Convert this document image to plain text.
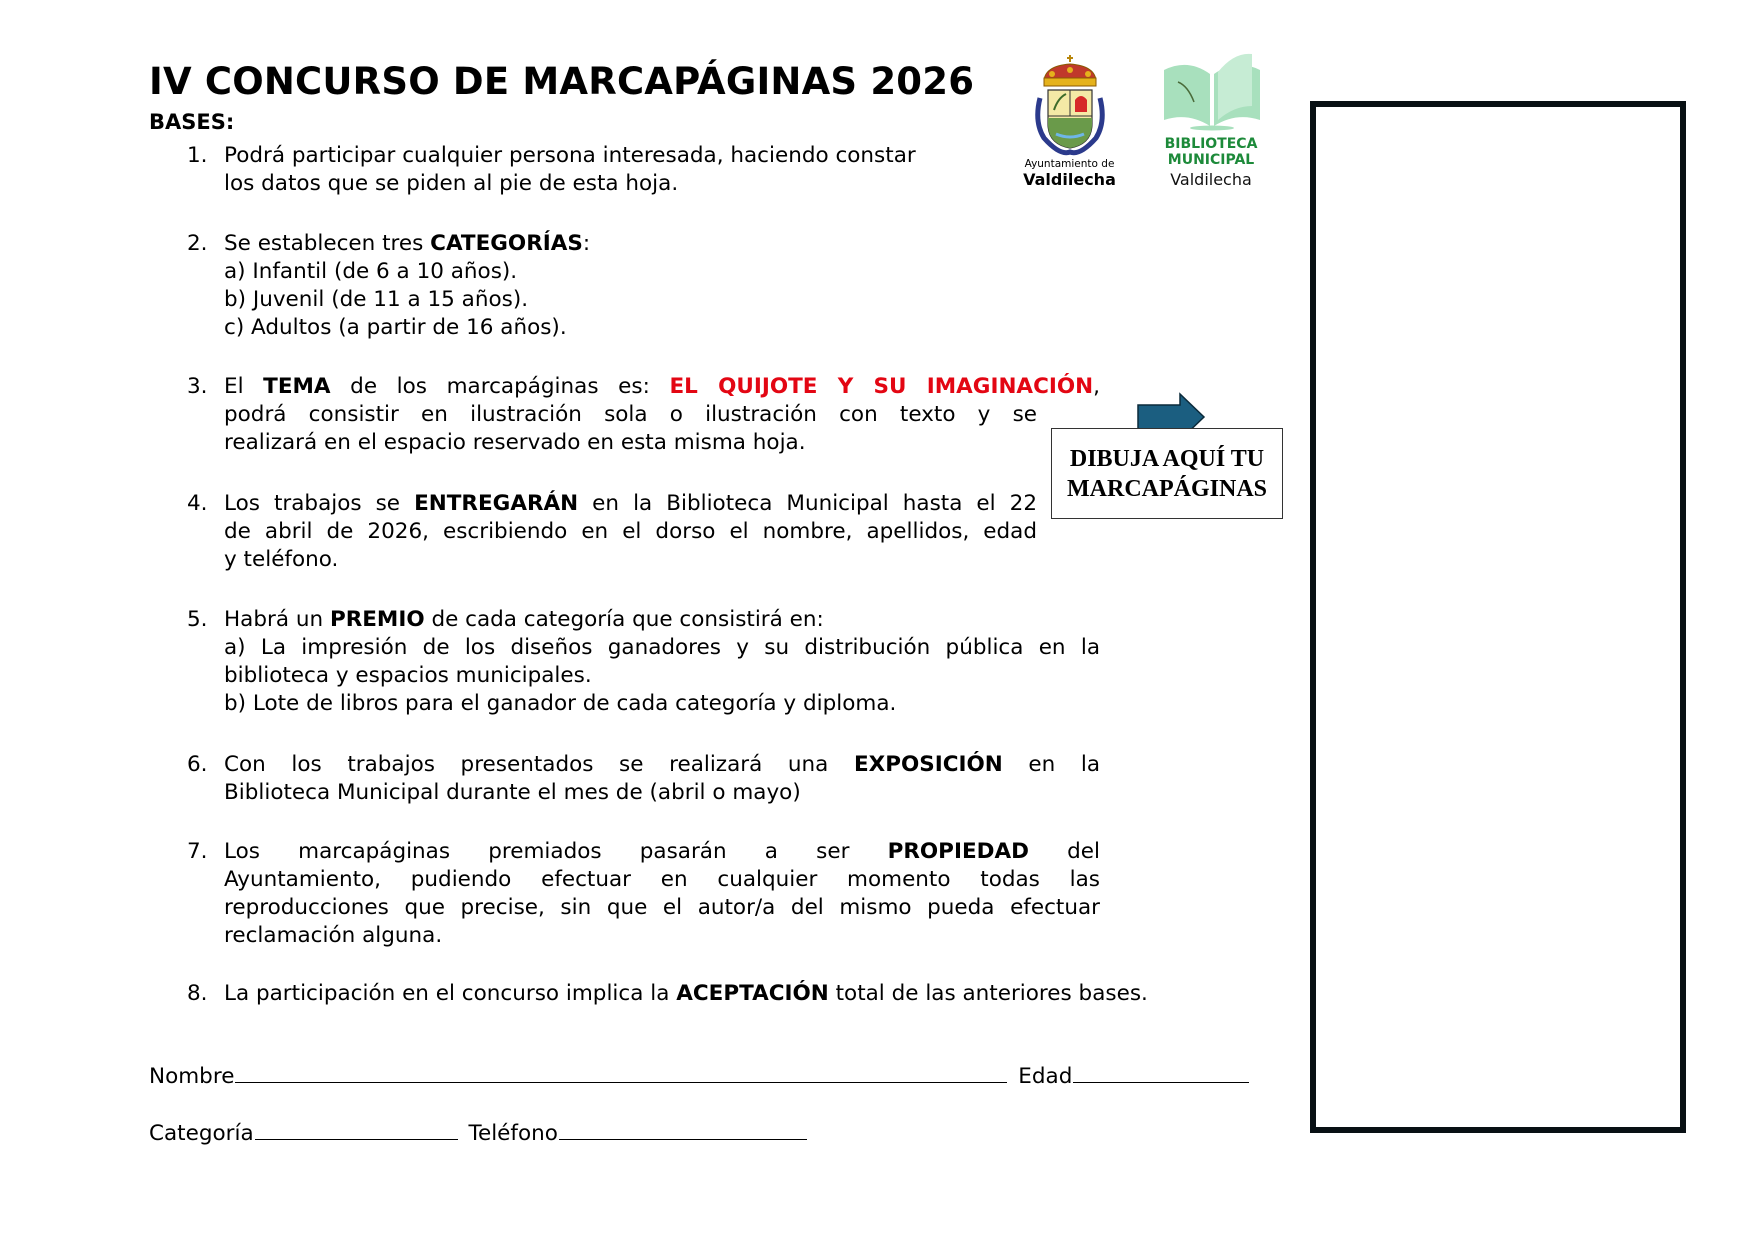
IV CONCURSO DE MARCAPÁGINAS 2026
BASES:
Ayuntamiento de
Valdilecha
BIBLIOTECA
MUNICIPAL
Valdilecha
1. Podrá participar cualquier persona interesada, haciendo constar
los datos que se piden al pie de esta hoja.
2. Se establecen tres CATEGORÍAS:
a) Infantil (de 6 a 10 años).
b) Juvenil (de 11 a 15 años).
c) Adultos (a partir de 16 años).
3. El TEMA de los marcapáginas es: EL QUIJOTE Y SU IMAGINACIÓN,
podrá consistir en ilustración sola o ilustración con texto y se
realizará en el espacio reservado en esta misma hoja.
4. Los trabajos se ENTREGARÁN en la Biblioteca Municipal hasta el 22
de abril de 2026, escribiendo en el dorso el nombre, apellidos, edad
y teléfono.
5. Habrá un PREMIO de cada categoría que consistirá en:
a) La impresión de los diseños ganadores y su distribución pública en la
biblioteca y espacios municipales.
b) Lote de libros para el ganador de cada categoría y diploma.
6. Con los trabajos presentados se realizará una EXPOSICIÓN en la
Biblioteca Municipal durante el mes de (abril o mayo)
7. Los marcapáginas premiados pasarán a ser PROPIEDAD del
Ayuntamiento, pudiendo efectuar en cualquier momento todas las
reproducciones que precise, sin que el autor/a del mismo pueda efectuar
reclamación alguna.
8. La participación en el concurso implica la ACEPTACIÓN total de las anteriores bases.
Nombre	Edad
Categoría	Teléfono
DIBUJA AQUÍ TU
MARCAPÁGINAS
